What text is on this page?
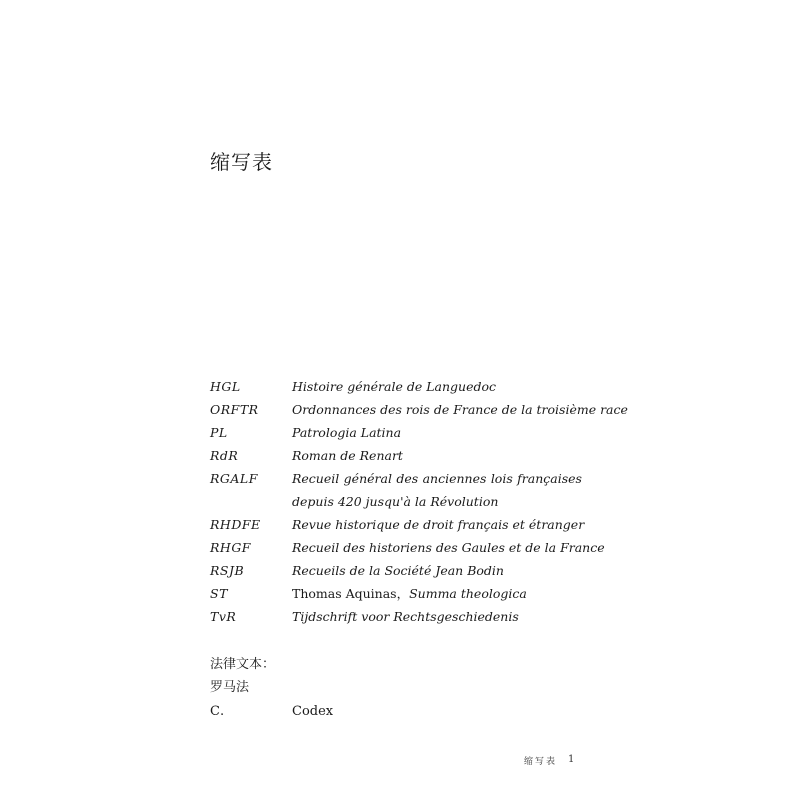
缩写表
HGL	Histoire générale de Languedoc
ORFTR	Ordonnances des rois de France de la troisième race
PL	Patrologia Latina
RdR	Roman de Renart
RGALF	Recueil général des anciennes lois françaises
depuis 420 jusqu'à la Révolution
RHDFE	Revue historique de droit français et étranger
RHGF	Recueil des historiens des Gaules et de la France
RSJB	Recueils de la Société Jean Bodin
ST	Thomas Aquinas，Summa theologica
TvR	Tijdschrift voor Rechtsgeschiedenis
法律文本：
罗马法
C.	Codex
缩写表 1
